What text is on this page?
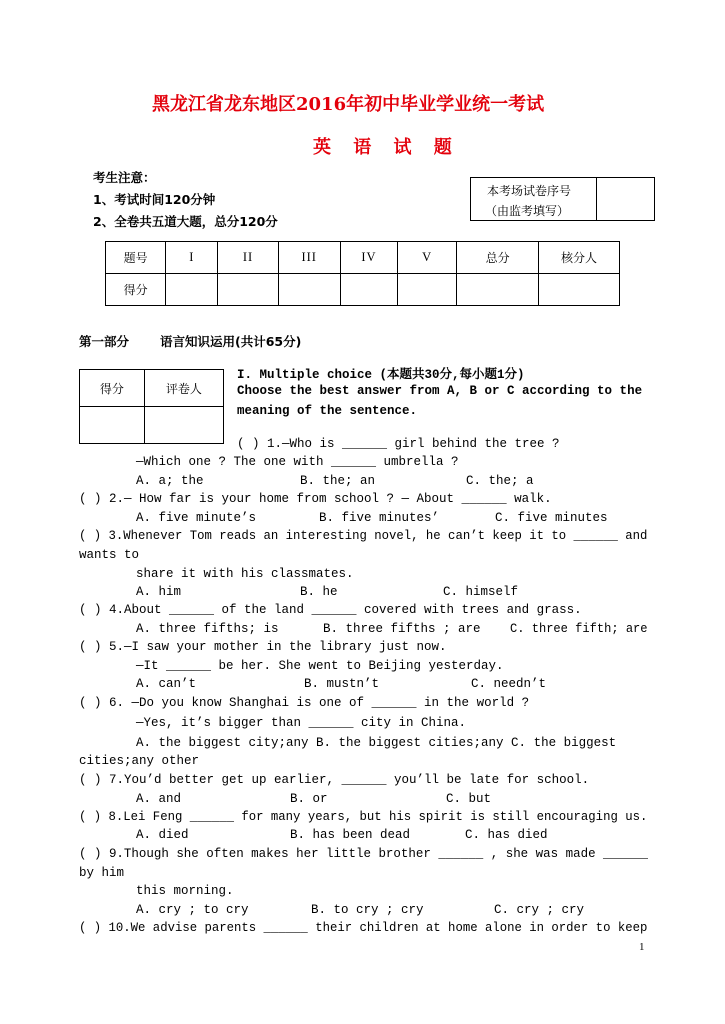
黑龙江省龙东地区2016年初中毕业学业统一考试
英 语 试 题
考生注意：
1、考试时间120分钟
2、全卷共五道大题，总分120分
本考场试卷序号
（由监考填写）
题号	I	II	III	IV	V	总分	核分人
得分							
第一部分 语言知识运用(共计65分)
得分	评卷人

I. Multiple choice (本题共30分,每小题1分)
Choose the best answer from A, B or C according to the
meaning of the sentence.
( ) 1.—Who is ______ girl behind the tree ?
—Which one ? The one with ______ umbrella ?
A. a; the	B. the; an	C. the; a
( ) 2.— How far is your home from school ? — About ______ walk.
A. five minute’s	B. five minutes’	C. five minutes
( ) 3.Whenever Tom reads an interesting novel, he can’t keep it to ______ and
wants to
share it with his classmates.
A. him	B. he	C. himself
( ) 4.About ______ of the land ______ covered with trees and grass.
A. three fifths; is	B. three fifths ; are C. three fifth; are
( ) 5.—I saw your mother in the library just now.
—It ______ be her. She went to Beijing yesterday.
A. can’t	B. mustn’t	C. needn’t
( ) 6. —Do you know Shanghai is one of ______ in the world ?
—Yes, it’s bigger than ______ city in China.
A. the biggest city;any B. the biggest cities;any C. the biggest
cities;any other
( ) 7.You’d better get up earlier, ______ you’ll be late for school.
A. and	B. or	C. but
( ) 8.Lei Feng ______ for many years, but his spirit is still encouraging us.
A. died	B. has been dead	C. has died
( ) 9.Though she often makes her little brother ______ , she was made ______
by him
this morning.
A. cry ; to cry	B. to cry ; cry	C. cry ; cry
( ) 10.We advise parents ______ their children at home alone in order to keep
1
